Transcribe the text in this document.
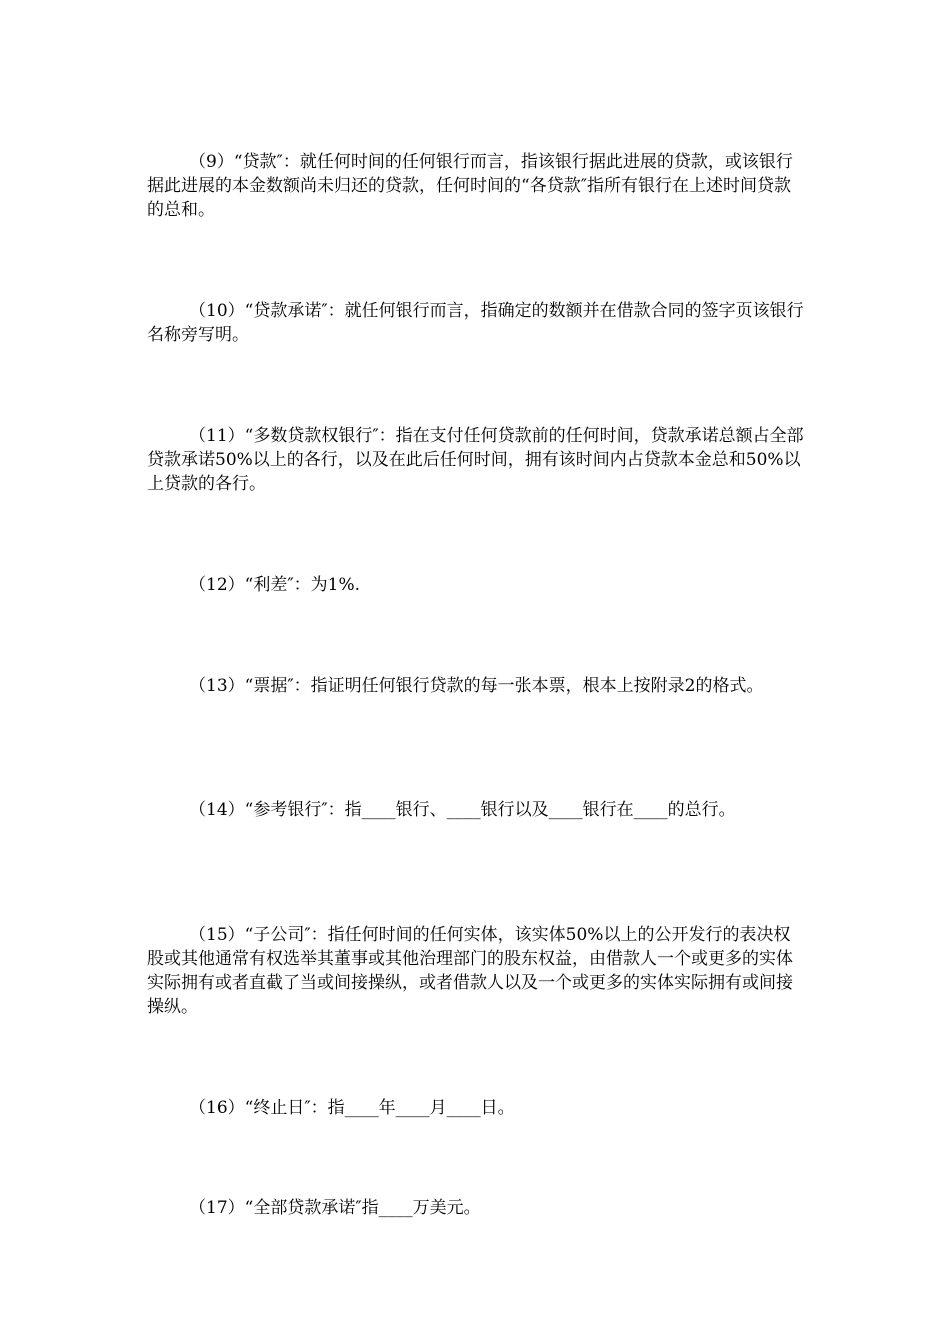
（9）“贷款″：就任何时间的任何银行而言，指该银行据此进展的贷款，或该银行据此进展的本金数额尚未归还的贷款，任何时间的“各贷款″指所有银行在上述时间贷款的总和。

（10）“贷款承诺″：就任何银行而言，指确定的数额并在借款合同的签字页该银行名称旁写明。

（11）“多数贷款权银行″：指在支付任何贷款前的任何时间，贷款承诺总额占全部贷款承诺50%以上的各行，以及在此后任何时间，拥有该时间内占贷款本金总和50%以上贷款的各行。

（12）“利差″：为1%.

（13）“票据″：指证明任何银行贷款的每一张本票，根本上按附录2的格式。

（14）“参考银行″：指____银行、____银行以及____银行在____的总行。

（15）“子公司″：指任何时间的任何实体，该实体50%以上的公开发行的表决权股或其他通常有权选举其董事或其他治理部门的股东权益，由借款人一个或更多的实体实际拥有或者直截了当或间接操纵，或者借款人以及一个或更多的实体实际拥有或间接操纵。

（16）“终止日″：指____年____月____日。

（17）“全部贷款承诺″指____万美元。
